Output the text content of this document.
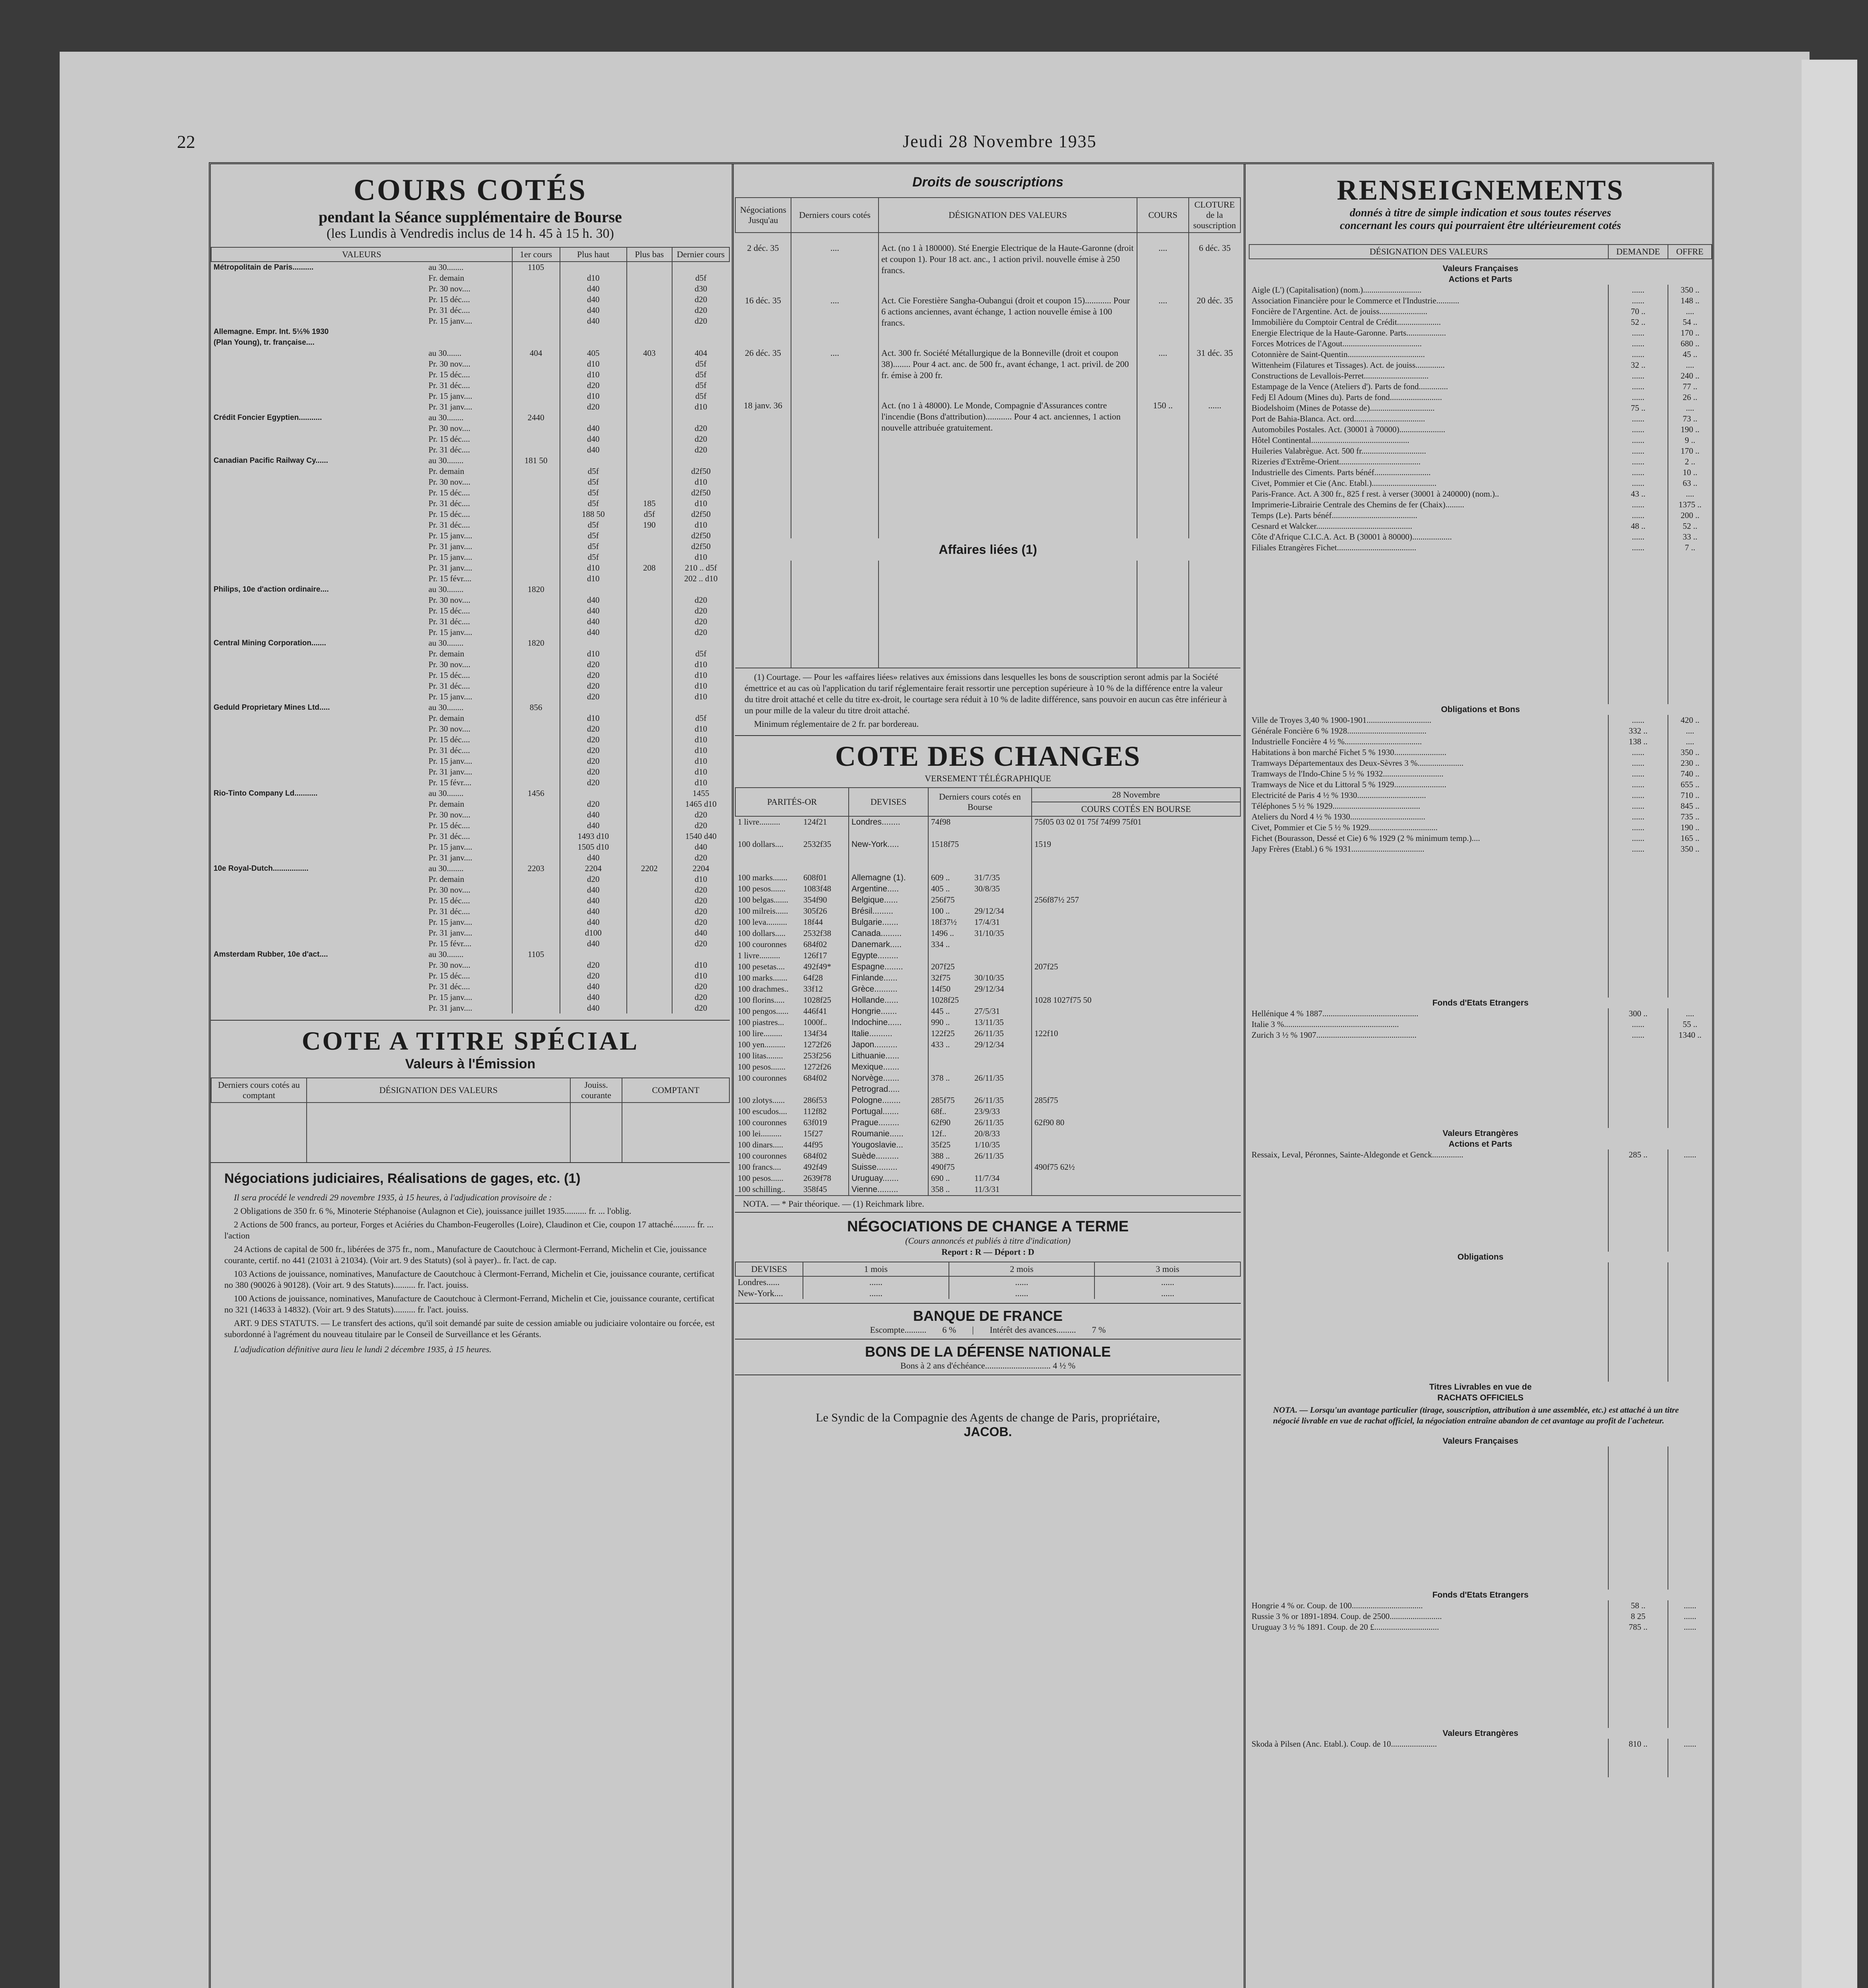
22	Jeudi 28 Novembre 1935
COURS COTÉS
pendant la Séance supplémentaire de Bourse
(les Lundis à Vendredis inclus de 14 h. 45 à 15 h. 30)
VALEURS		1er cours	Plus haut	Plus bas	Dernier cours
Métropolitain de Paris..........	au 30........	1105			
	Fr. demain		d10		d5f
	Pr. 30 nov....		d40		d30
	Pr. 15 déc....		d40		d20
	Pr. 31 déc....		d40		d20
	Pr. 15 janv....		d40		d20
Allemagne. Empr. Int. 5½% 1930					
(Plan Young), tr. française....					
	au 30.......	404	405	403	404
	Pr. 30 nov....		d10		d5f
	Pr. 15 déc....		d10		d5f
	Pr. 31 déc....		d20		d5f
	Pr. 15 janv....		d10		d5f
	Pr. 31 janv....		d20		d10
Crédit Foncier Egyptien...........	au 30........	2440			
	Pr. 30 nov....		d40		d20
	Pr. 15 déc....		d40		d20
	Pr. 31 déc....		d40		d20
Canadian Pacific Railway Cy......	au 30........	181 50			
	Pr. demain		d5f		d2f50
	Pr. 30 nov....		d5f		d10
	Pr. 15 déc....		d5f		d2f50
	Pr. 31 déc....		d5f	185	d10
	Pr. 15 déc....		188 50	d5f	d2f50
	Pr. 31 déc....		d5f	190	d10
	Pr. 15 janv....		d5f		d2f50
	Pr. 31 janv....		d5f		d2f50
	Pr. 15 janv....		d5f		d10
	Pr. 31 janv....		d10	208	210 .. d5f
	Pr. 15 févr....		d10		202 .. d10
Philips, 10e d'action ordinaire....	au 30........	1820			
	Pr. 30 nov....		d40		d20
	Pr. 15 déc....		d40		d20
	Pr. 31 déc....		d40		d20
	Pr. 15 janv....		d40		d20
Central Mining Corporation.......	au 30........	1820			
	Pr. demain		d10		d5f
	Pr. 30 nov....		d20		d10
	Pr. 15 déc....		d20		d10
	Pr. 31 déc....		d20		d10
	Pr. 15 janv....		d20		d10
Geduld Proprietary Mines Ltd.....	au 30........	856			
	Pr. demain		d10		d5f
	Pr. 30 nov....		d20		d10
	Pr. 15 déc....		d20		d10
	Pr. 31 déc....		d20		d10
	Pr. 15 janv....		d20		d10
	Pr. 31 janv....		d20		d10
	Pr. 15 févr....		d20		d10
Rio-Tinto Company Ld...........	au 30........	1456			1455
	Pr. demain		d20		1465 d10
	Pr. 30 nov....		d40		d20
	Pr. 15 déc....		d40		d20
	Pr. 31 déc....		1493 d10		1540 d40
	Pr. 15 janv....		1505 d10		d40
	Pr. 31 janv....		d40		d20
10e Royal-Dutch.................	au 30........	2203	2204	2202	2204
	Pr. demain		d20		d10
	Pr. 30 nov....		d40		d20
	Pr. 15 déc....		d40		d20
	Pr. 31 déc....		d40		d20
	Pr. 15 janv....		d40		d20
	Pr. 31 janv....		d100		d40
	Pr. 15 févr....		d40		d20
Amsterdam Rubber, 10e d'act....	au 30........	1105			
	Pr. 30 nov....		d20		d10
	Pr. 15 déc....		d20		d10
	Pr. 31 déc....		d40		d20
	Pr. 15 janv....		d40		d20
	Pr. 31 janv....		d40		d20
COTE A TITRE SPÉCIAL
Valeurs à l'Émission
Derniers cours cotés au comptant	DÉSIGNATION DES VALEURS	Jouiss. courante	COMPTANT

Négociations judiciaires, Réalisations de gages, etc. (1)

Il sera procédé le vendredi 29 novembre 1935, à 15 heures, à l'adjudication provisoire de :

2 Obligations de 350 fr. 6 %, Minoterie Stéphanoise (Aulagnon et Cie), jouissance juillet 1935.......... fr. ... l'oblig.

2 Actions de 500 francs, au porteur, Forges et Aciéries du Chambon-Feugerolles (Loire), Claudinon et Cie, coupon 17 attaché.......... fr. ... l'action

24 Actions de capital de 500 fr., libérées de 375 fr., nom., Manufacture de Caoutchouc à Clermont-Ferrand, Michelin et Cie, jouissance courante, certif. no 441 (21031 à 21034). (Voir art. 9 des Statuts) (sol à payer).. fr. l'act. de cap.

103 Actions de jouissance, nominatives, Manufacture de Caoutchouc à Clermont-Ferrand, Michelin et Cie, jouissance courante, certificat no 380 (90026 à 90128). (Voir art. 9 des Statuts).......... fr. l'act. jouiss.

100 Actions de jouissance, nominatives, Manufacture de Caoutchouc à Clermont-Ferrand, Michelin et Cie, jouissance courante, certificat no 321 (14633 à 14832). (Voir art. 9 des Statuts).......... fr. l'act. jouiss.

ART. 9 DES STATUTS. — Le transfert des actions, qu'il soit demandé par suite de cession amiable ou judiciaire volontaire ou forcée, est subordonné à l'agrément du nouveau titulaire par le Conseil de Surveillance et les Gérants.

L'adjudication définitive aura lieu le lundi 2 décembre 1935, à 15 heures.

Droits de souscriptions
Négociations Jusqu'au	Derniers cours cotés	DÉSIGNATION DES VALEURS	COURS	CLOTURE de la souscription
2 déc. 35	....	Act. (no 1 à 180000). Sté Energie Electrique de la Haute-Garonne (droit et coupon 1). Pour 18 act. anc., 1 action privil. nouvelle émise à 250 francs.	....	6 déc. 35
16 déc. 35	....	Act. Cie Forestière Sangha-Oubangui (droit et coupon 15)............ Pour 6 actions anciennes, avant échange, 1 action nouvelle émise à 100 francs.	....	20 déc. 35
26 déc. 35	....	Act. 300 fr. Société Métallurgique de la Bonneville (droit et coupon 38)........ Pour 4 act. anc. de 500 fr., avant échange, 1 act. privil. de 200 fr. émise à 200 fr.	....	31 déc. 35
18 janv. 36		Act. (no 1 à 48000). Le Monde, Compagnie d'Assurances contre l'incendie (Bons d'attribution)............ Pour 4 act. anciennes, 1 action nouvelle attribuée gratuitement.	150 ..	......

Affaires liées (1)				

(1) Courtage. — Pour les «affaires liées» relatives aux émissions dans lesquelles les bons de souscription seront admis par la Société émettrice et au cas où l'application du tarif réglementaire ferait ressortir une perception supérieure à 10 % de la différence entre la valeur du titre droit attaché et celle du titre ex-droit, le courtage sera réduit à 10 % de ladite différence, sans pouvoir en aucun cas être inférieur à un pour mille de la valeur du titre droit attaché.

Minimum réglementaire de 2 fr. par bordereau.

COTE DES CHANGES
VERSEMENT TÉLÉGRAPHIQUE
PARITÉS-OR		DEVISES	Derniers cours cotés en Bourse		28 Novembre
					COURS COTÉS EN BOURSE
1 livre..........	124f21	Londres........	74f98		75f05 03 02 01 75f 74f99 75f01

100 dollars....	2532f35	New-York.....	1518f75		1519

100 marks.......	608f01	Allemagne (1).	609 ..	31/7/35	
100 pesos.......	1083f48	Argentine.....	405 ..	30/8/35	
100 belgas.......	354f90	Belgique......	256f75		256f87½ 257
100 milreis......	305f26	Brésil.........	100 ..	29/12/34	
100 leva..........	18f44	Bulgarie.......	18f37½	17/4/31	
100 dollars.....	2532f38	Canada.........	1496 ..	31/10/35	
100 couronnes	684f02	Danemark.....	334 ..		
1 livre..........	126f17	Egypte.........			
100 pesetas....	492f49*	Espagne........	207f25		207f25
100 marks.......	64f28	Finlande......	32f75	30/10/35	
100 drachmes..	33f12	Grèce..........	14f50	29/12/34	
100 florins.....	1028f25	Hollande......	1028f25		1028 1027f75 50
100 pengos......	446f41	Hongrie.......	445 ..	27/5/31	
100 piastres...	1000f..	Indochine......	990 ..	13/11/35	
100 lire.........	134f34	Italie..........	122f25	26/11/35	122f10
100 yen..........	1272f26	Japon..........	433 ..	29/12/34	
100 litas........	253f256	Lithuanie......			
100 pesos.......	1272f26	Mexique.......			
100 couronnes	684f02	Norvège.......	378 ..	26/11/35	
		Petrograd.....			
100 zlotys......	286f53	Pologne........	285f75	26/11/35	285f75
100 escudos....	112f82	Portugal.......	68f..	23/9/33	
100 couronnes	63f019	Prague.........	62f90	26/11/35	62f90 80
100 lei..........	15f27	Roumanie......	12f..	20/8/33	
100 dinars.....	44f95	Yougoslavie...	35f25	1/10/35	
100 couronnes	684f02	Suède..........	388 ..	26/11/35	
100 francs....	492f49	Suisse.........	490f75		490f75 62½
100 pesos......	2639f78	Uruguay.......	690 ..	11/7/34	
100 schilling..	358f45	Vienne.........	358 ..	11/3/31	
NOTA. — * Pair théorique. — (1) Reichmark libre.
NÉGOCIATIONS DE CHANGE A TERME
(Cours annoncés et publiés à titre d'indication)
Report : R — Déport : D
DEVISES	1 mois	2 mois	3 mois
Londres......	......	......	......
New-York....	......	......	......
BANQUE DE FRANCE
Escompte.......... 6 % | Intérêt des avances......... 7 %
BONS DE LA DÉFENSE NATIONALE
Bons à 2 ans d'échéance.............................. 4 ½ %
Le Syndic de la Compagnie des Agents de change de Paris, propriétaire,
JACOB.
RENSEIGNEMENTS
donnés à titre de simple indication et sous toutes réserves
concernant les cours qui pourraient être ultérieurement cotés
DÉSIGNATION DES VALEURS	DEMANDE	OFFRE
Valeurs Françaises		
Actions et Parts		
Aigle (L') (Capitalisation) (nom.)............................	......	350 ..
Association Financière pour le Commerce et l'Industrie...........	......	148 ..
Foncière de l'Argentine. Act. de jouiss.......................	70 ..	....
Immobilière du Comptoir Central de Crédit.....................	52 ..	54 ..
Energie Electrique de la Haute-Garonne. Parts...................	......	170 ..
Forces Motrices de l'Agout......................................	......	680 ..
Cotonnière de Saint-Quentin.....................................	......	45 ..
Wittenheim (Filatures et Tissages). Act. de jouiss..............	32 ..	....
Constructions de Levallois-Perret...............................	......	240 ..
Estampage de la Vence (Ateliers d'). Parts de fond..............	......	77 ..
Fedj El Adoum (Mines du). Parts de fond.........................	......	26 ..
Biodelshoim (Mines de Potasse de)...............................	75 ..	....
Port de Bahia-Blanca. Act. ord..................................	......	73 ..
Automobiles Postales. Act. (30001 à 70000)......................	......	190 ..
Hôtel Continental...............................................	......	9 ..
Huileries Valabrègue. Act. 500 fr...............................	......	170 ..
Rizeries d'Extrême-Orient.......................................	......	2 ..
Industrielle des Ciments. Parts bénéf...........................	......	10 ..
Civet, Pommier et Cie (Anc. Etabl.)...............................	......	63 ..
Paris-France. Act. A 300 fr., 825 f rest. à verser (30001 à 240000) (nom.)..	43 ..	....
Imprimerie-Librairie Centrale des Chemins de fer (Chaix).........	......	1375 ..
Temps (Le). Parts bénéf.........................................	......	200 ..
Cesnard et Walcker..............................................	48 ..	52 ..
Côte d'Afrique C.I.C.A. Act. B (30001 à 80000)...................	......	33 ..
Filiales Etrangères Fichet......................................	......	7 ..

Obligations et Bons		
Ville de Troyes 3,40 % 1900-1901...............................	......	420 ..
Générale Foncière 6 % 1928......................................	332 ..	....
Industrielle Foncière 4 ½ %.....................................	138 ..	....
Habitations à bon marché Fichet 5 % 1930.........................	......	350 ..
Tramways Départementaux des Deux-Sèvres 3 %......................	......	230 ..
Tramways de l'Indo-Chine 5 ½ % 1932.............................	......	740 ..
Tramways de Nice et du Littoral 5 % 1929.........................	......	655 ..
Electricité de Paris 4 ½ % 1930.................................	......	710 ..
Téléphones 5 ½ % 1929..........................................	......	845 ..
Ateliers du Nord 4 ½ % 1930....................................	......	735 ..
Civet, Pommier et Cie 5 ½ % 1929.................................	......	190 ..
Fichet (Bourasson, Dessé et Cie) 6 % 1929 (2 % minimum temp.)....	......	165 ..
Japy Frères (Etabl.) 6 % 1931...................................	......	350 ..

Fonds d'Etats Etrangers		
Hellénique 4 % 1887..............................................	300 ..	....
Italie 3 %.......................................................	......	55 ..
Zurich 3 ½ % 1907................................................	......	1340 ..

Valeurs Etrangères		
Actions et Parts		
Ressaix, Leval, Péronnes, Sainte-Aldegonde et Genck...............	285 ..	......

Obligations		

Titres Livrables en vue de		
RACHATS OFFICIELS		
NOTA. — Lorsqu'un avantage particulier (tirage, souscription, attribution à une assemblée, etc.) est attaché à un titre négocié livrable en vue de rachat officiel, la négociation entraîne abandon de cet avantage au profit de l'acheteur.		
Valeurs Françaises		

Fonds d'Etats Etrangers		
Hongrie 4 % or. Coup. de 100..................................	58 ..	......
Russie 3 % or 1891-1894. Coup. de 2500.........................	8 25	......
Uruguay 3 ½ % 1891. Coup. de 20 £...............................	785 ..	......

Valeurs Etrangères		
Skoda à Pilsen (Anc. Etabl.). Coup. de 10......................	810 ..	......
